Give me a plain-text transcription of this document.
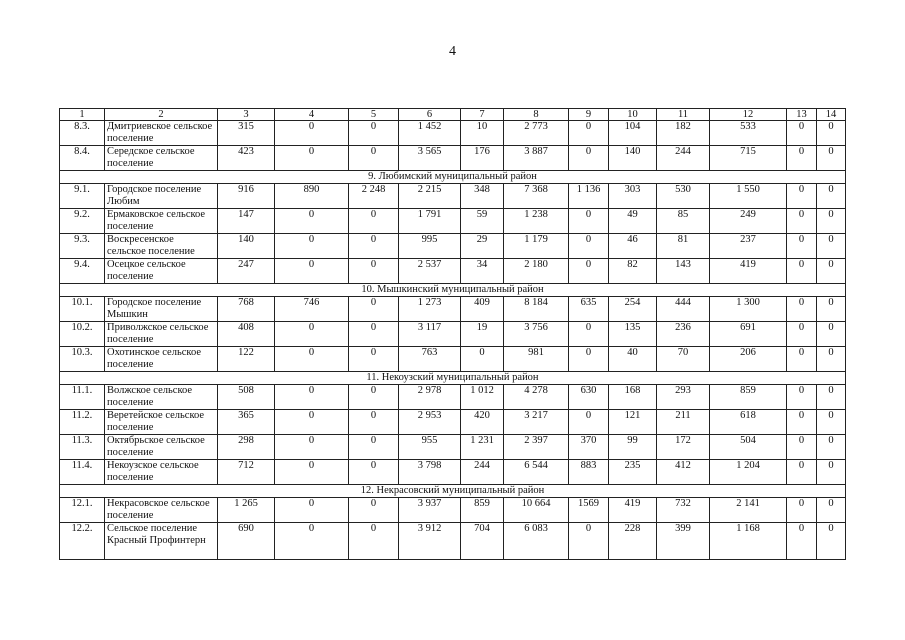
4
1	2	3	4	5	6	7	8	9	10	11	12	13	14
8.3.	Дмитриевское сельское поселение	315	0	0	1 452	10	2 773	0	104	182	533	0	0
8.4.	Середское сельское поселение	423	0	0	3 565	176	3 887	0	140	244	715	0	0
9. Любимский муниципальный район													
9.1.	Городское поселение Любим	916	890	2 248	2 215	348	7 368	1 136	303	530	1 550	0	0
9.2.	Ермаковское сельское поселение	147	0	0	1 791	59	1 238	0	49	85	249	0	0
9.3.	Воскресенское сельское поселение	140	0	0	995	29	1 179	0	46	81	237	0	0
9.4.	Осецкое сельское поселение	247	0	0	2 537	34	2 180	0	82	143	419	0	0
10. Мышкинский муниципальный район													
10.1.	Городское поселение Мышкин	768	746	0	1 273	409	8 184	635	254	444	1 300	0	0
10.2.	Приволжское сельское поселение	408	0	0	3 117	19	3 756	0	135	236	691	0	0
10.3.	Охотинское сельское поселение	122	0	0	763	0	981	0	40	70	206	0	0
11. Некоузский муниципальный район													
11.1.	Волжское сельское поселение	508	0	0	2 978	1 012	4 278	630	168	293	859	0	0
11.2.	Веретейское сельское поселение	365	0	0	2 953	420	3 217	0	121	211	618	0	0
11.3.	Октябрьское сельское поселение	298	0	0	955	1 231	2 397	370	99	172	504	0	0
11.4.	Некоузское сельское поселение	712	0	0	3 798	244	6 544	883	235	412	1 204	0	0
12. Некрасовский муниципальный район													
12.1.	Некрасовское сельское поселение	1 265	0	0	3 937	859	10 664	1569	419	732	2 141	0	0
12.2.	Сельское поселение Красный Профинтерн	690	0	0	3 912	704	6 083	0	228	399	1 168	0	0
